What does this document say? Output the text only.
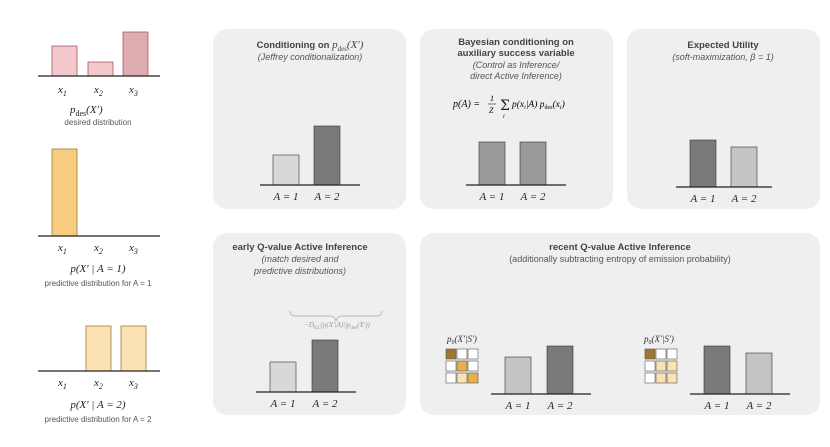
$x_1$ $x_2$ $x_3$
$p_{des}(X')$
desired distribution
$x_1$ $x_2$ $x_3$
p(X′ | A = 1)
predictive distribution for A = 1
$x_1$ $x_2$ $x_3$
p(X′ | A = 2)
predictive distribution for A = 2
Conditioning on $p_{des}(X')$
(Jeffrey conditionalization)
A = 1 A = 2
Bayesian conditioning on
auxiliary success variable
(Control as Inference/
direct Active Inference)
p(A) =
1
Z Σ
i
$p(x_i|A)$ $p_{des}(x_i)$
A = 1 A = 2
Expected Utility
(soft-maximization, β = 1)
A = 1 A = 2
early Q-value Active Inference
(match desired and
predictive distributions)
$-D_{KL}(p(X'|A)||p_{des}(X'))$
A = 1 A = 2
recent Q-value Active Inference
(additionally subtracting entropy of emission probability)
$p_0(X'|S')$
A = 1 A = 2
$p_0(X'|S')$
A = 1 A = 2
